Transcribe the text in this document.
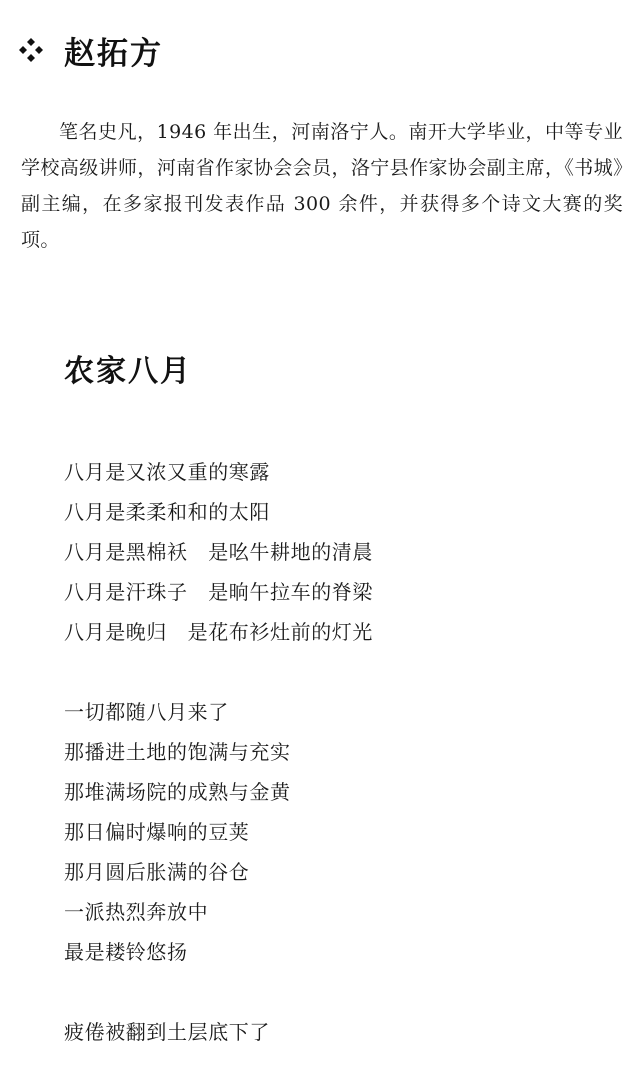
赵拓方

笔名史凡，1946 年出生，河南洛宁人。南开大学毕业，中等专业学校高级讲师，河南省作家协会会员，洛宁县作家协会副主席，《书城》副主编，在多家报刊发表作品 300 余件，并获得多个诗文大赛的奖项。

农家八月
八月是又浓又重的寒露
八月是柔柔和和的太阳
八月是黑棉袄　是吆牛耕地的清晨
八月是汗珠子　是晌午拉车的脊梁
八月是晚归　是花布衫灶前的灯光
一切都随八月来了
那播进土地的饱满与充实
那堆满场院的成熟与金黄
那日偏时爆响的豆荚
那月圆后胀满的谷仓
一派热烈奔放中
最是耧铃悠扬
疲倦被翻到土层底下了
